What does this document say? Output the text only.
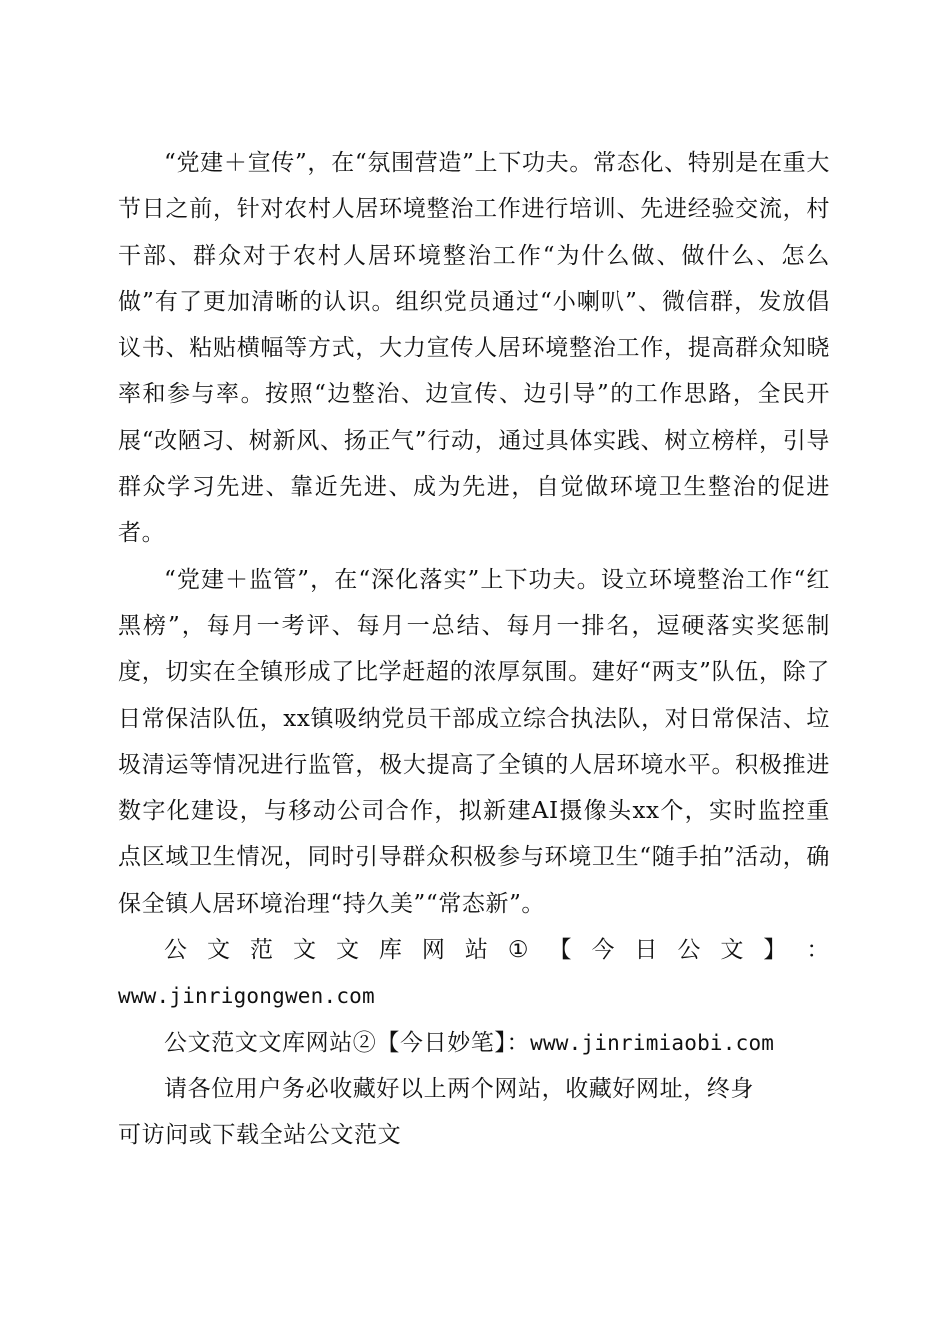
“党建＋宣传”，在“氛围营造”上下功夫。常态化、特别是在重大节日之前，针对农村人居环境整治工作进行培训、先进经验交流，村干部、群众对于农村人居环境整治工作“为什么做、做什么、怎么做”有了更加清晰的认识。组织党员通过“小喇叭”、微信群，发放倡议书、粘贴横幅等方式，大力宣传人居环境整治工作，提高群众知晓率和参与率。按照“边整治、边宣传、边引导”的工作思路，全民开展“改陋习、树新风、扬正气”行动，通过具体实践、树立榜样，引导群众学习先进、靠近先进、成为先进，自觉做环境卫生整治的促进者。

“党建＋监管”，在“深化落实”上下功夫。设立环境整治工作“红黑榜”，每月一考评、每月一总结、每月一排名，逗硬落实奖惩制度，切实在全镇形成了比学赶超的浓厚氛围。建好“两支”队伍，除了日常保洁队伍，xx镇吸纳党员干部成立综合执法队，对日常保洁、垃圾清运等情况进行监管，极大提高了全镇的人居环境水平。积极推进数字化建设，与移动公司合作，拟新建AI摄像头xx个，实时监控重点区域卫生情况，同时引导群众积极参与环境卫生“随手拍”活动，确保全镇人居环境治理“持久美”“常态新”。

公 文 范 文 文 库 网 站 ① 【 今 日 公 文 】 ：
www.jinrigongwen.com
公文范文文库网站②【今日妙笔】：www.jinrimiaobi.com
请各位用户务必收藏好以上两个网站，收藏好网址，终身
可访问或下载全站公文范文
